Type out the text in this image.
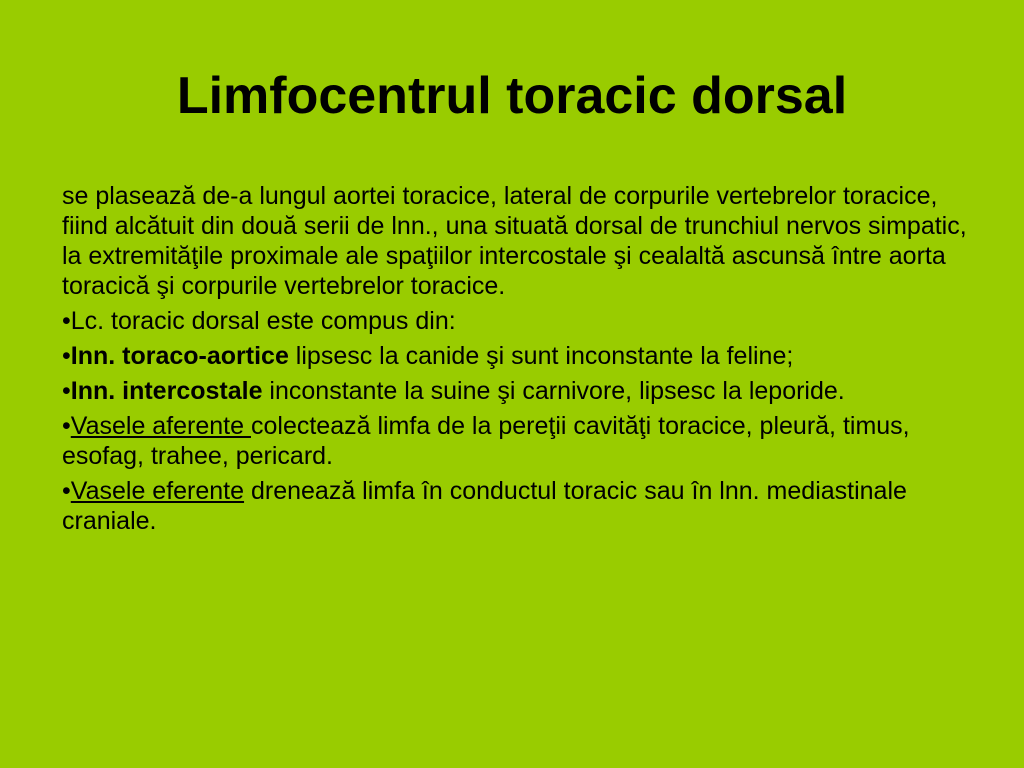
Limfocentrul toracic dorsal

se plasează de-a lungul aortei toracice, lateral de corpurile vertebrelor toracice, fiind alcătuit din două serii de lnn., una situată dorsal de trunchiul nervos simpatic, la extremităţile proximale ale spaţiilor intercostale şi cealaltă ascunsă între aorta toracică şi corpurile vertebrelor toracice.

•Lc. toracic dorsal este compus din:

•Inn. toraco-aortice lipsesc la canide şi sunt inconstante la feline;

•Inn. intercostale inconstante la suine şi carnivore, lipsesc la leporide.

•Vasele aferente colectează limfa de la pereţii cavităţi toracice, pleură, timus, esofag, trahee, pericard.

•Vasele eferente drenează limfa în conductul toracic sau în lnn. mediastinale craniale.
